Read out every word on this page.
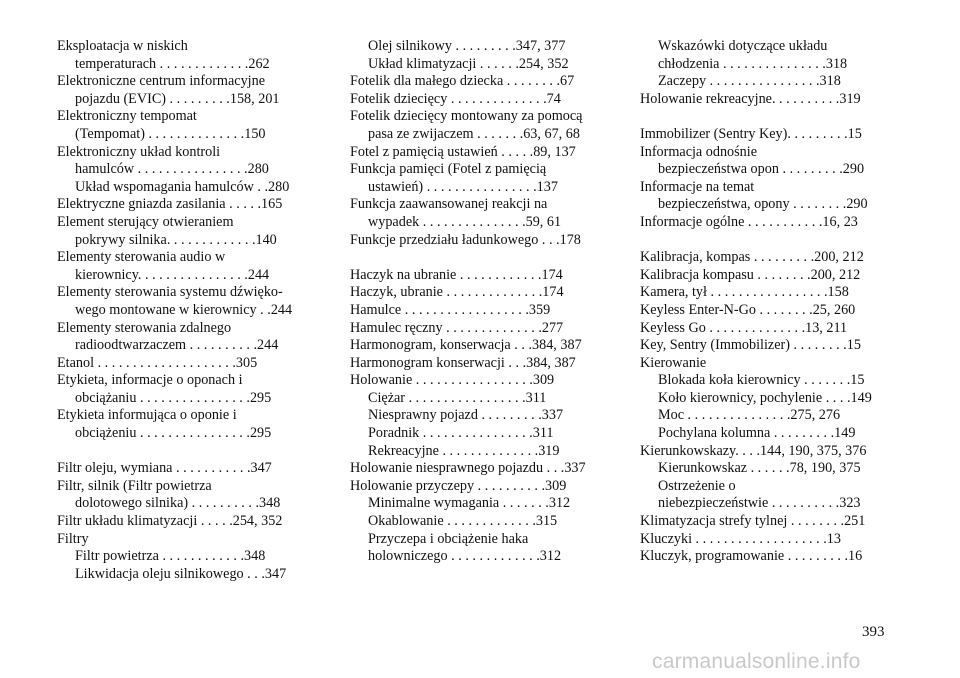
Eksploatacja w niskich
temperaturach . . . . . . . . . . . . .262
Elektroniczne centrum informacyjne
pojazdu (EVIC) . . . . . . . . .158, 201
Elektroniczny tempomat
(Tempomat) . . . . . . . . . . . . . .150
Elektroniczny układ kontroli
hamulców . . . . . . . . . . . . . . . .280
Układ wspomagania hamulców . .280
Elektryczne gniazda zasilania . . . . .165
Element sterujący otwieraniem
pokrywy silnika. . . . . . . . . . . . .140
Elementy sterowania audio w
kierownicy. . . . . . . . . . . . . . . .244
Elementy sterowania systemu dźwięko-
wego montowane w kierownicy . .244
Elementy sterowania zdalnego
radioodtwarzaczem . . . . . . . . . .244
Etanol . . . . . . . . . . . . . . . . . . . .305
Etykieta, informacje o oponach i
obciążaniu . . . . . . . . . . . . . . . .295
Etykieta informująca o oponie i
obciążeniu . . . . . . . . . . . . . . . .295
Filtr oleju, wymiana . . . . . . . . . . .347
Filtr, silnik (Filtr powietrza
dolotowego silnika) . . . . . . . . . .348
Filtr układu klimatyzacji . . . . .254, 352
Filtry
Filtr powietrza . . . . . . . . . . . .348
Likwidacja oleju silnikowego . . .347
Olej silnikowy . . . . . . . . .347, 377
Układ klimatyzacji . . . . . .254, 352
Fotelik dla małego dziecka . . . . . . . .67
Fotelik dziecięcy . . . . . . . . . . . . . .74
Fotelik dziecięcy montowany za pomocą
pasa ze zwijaczem . . . . . . .63, 67, 68
Fotel z pamięcią ustawień . . . . .89, 137
Funkcja pamięci (Fotel z pamięcią
ustawień) . . . . . . . . . . . . . . . .137
Funkcja zaawansowanej reakcji na
wypadek . . . . . . . . . . . . . . .59, 61
Funkcje przedziału ładunkowego . . .178
Haczyk na ubranie . . . . . . . . . . . .174
Haczyk, ubranie . . . . . . . . . . . . . .174
Hamulce . . . . . . . . . . . . . . . . . .359
Hamulec ręczny . . . . . . . . . . . . . .277
Harmonogram, konserwacja . . .384, 387
Harmonogram konserwacji . . .384, 387
Holowanie . . . . . . . . . . . . . . . . .309
Ciężar . . . . . . . . . . . . . . . . .311
Niesprawny pojazd . . . . . . . . .337
Poradnik . . . . . . . . . . . . . . . .311
Rekreacyjne . . . . . . . . . . . . . .319
Holowanie niesprawnego pojazdu . . .337
Holowanie przyczepy . . . . . . . . . .309
Minimalne wymagania . . . . . . .312
Okablowanie . . . . . . . . . . . . .315
Przyczepa i obciążenie haka
holowniczego . . . . . . . . . . . . .312
Wskazówki dotyczące układu
chłodzenia . . . . . . . . . . . . . . .318
Zaczepy . . . . . . . . . . . . . . . .318
Holowanie rekreacyjne. . . . . . . . . .319
Immobilizer (Sentry Key). . . . . . . . .15
Informacja odnośnie
bezpieczeństwa opon . . . . . . . . .290
Informacje na temat
bezpieczeństwa, opony . . . . . . . .290
Informacje ogólne . . . . . . . . . . .16, 23
Kalibracja, kompas . . . . . . . . .200, 212
Kalibracja kompasu . . . . . . . .200, 212
Kamera, tył . . . . . . . . . . . . . . . . .158
Keyless Enter-N-Go . . . . . . . .25, 260
Keyless Go . . . . . . . . . . . . . .13, 211
Key, Sentry (Immobilizer) . . . . . . . .15
Kierowanie
Blokada koła kierownicy . . . . . . .15
Koło kierownicy, pochylenie . . . .149
Moc . . . . . . . . . . . . . . .275, 276
Pochylana kolumna . . . . . . . . .149
Kierunkowskazy. . . .144, 190, 375, 376
Kierunkowskaz . . . . . .78, 190, 375
Ostrzeżenie o
niebezpieczeństwie . . . . . . . . . .323
Klimatyzacja strefy tylnej . . . . . . . .251
Kluczyki . . . . . . . . . . . . . . . . . . .13
Kluczyk, programowanie . . . . . . . . .16
393
carmanualsonline.info
